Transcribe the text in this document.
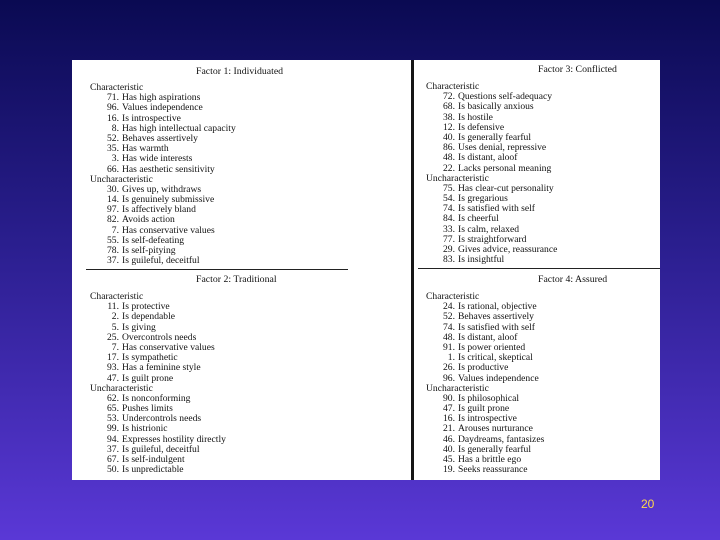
Factor 1: Individuated
Characteristic
71. Has high aspirations
96. Values independence
16. Is introspective
8. Has high intellectual capacity
52. Behaves assertively
35. Has warmth
3. Has wide interests
66. Has aesthetic sensitivity
Uncharacteristic
30. Gives up, withdraws
14. Is genuinely submissive
97. Is affectively bland
82. Avoids action
7. Has conservative values
55. Is self-defeating
78. Is self-pitying
37. Is guileful, deceitful
Factor 3: Conflicted
Characteristic
72. Questions self-adequacy
68. Is basically anxious
38. Is hostile
12. Is defensive
40. Is generally fearful
86. Uses denial, repressive
48. Is distant, aloof
22. Lacks personal meaning
Uncharacteristic
75. Has clear-cut personality
54. Is gregarious
74. Is satisfied with self
84. Is cheerful
33. Is calm, relaxed
77. Is straightforward
29. Gives advice, reassurance
83. Is insightful
Factor 2: Traditional
Characteristic
11. Is protective
2. Is dependable
5. Is giving
25. Overcontrols needs
7. Has conservative values
17. Is sympathetic
93. Has a feminine style
47. Is guilt prone
Uncharacteristic
62. Is nonconforming
65. Pushes limits
53. Undercontrols needs
99. Is histrionic
94. Expresses hostility directly
37. Is guileful, deceitful
67. Is self-indulgent
50. Is unpredictable
Factor 4: Assured
Characteristic
24. Is rational, objective
52. Behaves assertively
74. Is satisfied with self
48. Is distant, aloof
91. Is power oriented
1. Is critical, skeptical
26. Is productive
96. Values independence
Uncharacteristic
90. Is philosophical
47. Is guilt prone
16. Is introspective
21. Arouses nurturance
46. Daydreams, fantasizes
40. Is generally fearful
45. Has a brittle ego
19. Seeks reassurance
20
